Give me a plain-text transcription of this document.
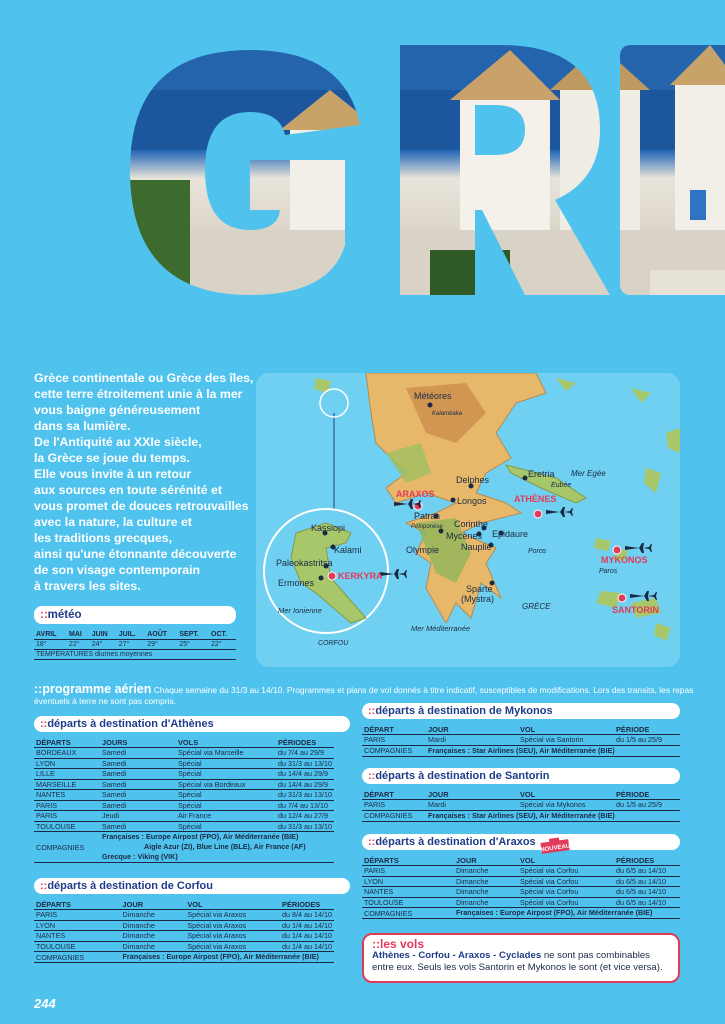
Grèce continentale ou Grèce des îles,
cette terre étroitement unie à la mer
vous baigne généreusement
dans sa lumière.
De l'Antiquité au XXIe siècle,
la Grèce se joue du temps.
Elle vous invite à un retour
aux sources en toute sérénité et
vous promet de douces retrouvailles
avec la nature, la culture et
les traditions grecques,
ainsi qu'une étonnante découverte
de son visage contemporain
à travers les sites.
Météores
Kalambaka
Delphes
Longos
Eretria
Eubée
Mer Egée
ARAXOS	ATHÈNES
Patras
Péloponèse Corinthe
Mycènes Epidaure
Nauplie
Olympie	Poros
MYKONOS
Paros
Sparte
(Mystra)
GRÈCE	SANTORIN
Mer Méditerranée
Kassiopi
Kalami
Paleokastritsa
Ermones
KERKYRA
Mer Ionienne
CORFOU
::météo
AVRIL	MAI	JUIN	JUIL.	AOÛT	SEPT.	OCT.
18°	22°	24°	27°	29°	25°	22°
TEMPÉRATURES diurnes moyennes						
::programme aérien Chaque semaine du 31/3 au 14/10. Programmes et plans de vol donnés à titre indicatif, susceptibles de modifications. Lors des transits, les repas éventuels à terre ne sont pas compris.
::départs à destination d'Athènes
DÉPARTS	JOURS	VOLS	PÉRIODES
BORDEAUX	Samedi	Spécial via Marseille	du 7/4 au 29/9
LYON	Samedi	Spécial	du 31/3 au 13/10
LILLE	Samedi	Spécial	du 14/4 au 29/9
MARSEILLE	Samedi	Spécial via Bordeaux	du 14/4 au 29/9
NANTES	Samedi	Spécial	du 31/3 au 13/10
PARIS	Samedi	Spécial	du 7/4 au 13/10
PARIS	Jeudi	Air France	du 12/4 au 27/9
TOULOUSE	Samedi	Spécial	du 31/3 au 13/10
COMPAGNIES	Françaises : Europe Airpost (FPO), Air Méditerranée (BIE)
Aigle Azur (ZI), Blue Line (BLE), Air France (AF)
Grecque : Viking (VIK)		
::départs à destination de Corfou
DÉPARTS	JOUR	VOL	PÉRIODES
PARIS	Dimanche	Spécial via Araxos	du 8/4 au 14/10
LYON	Dimanche	Spécial via Araxos	du 1/4 au 14/10
NANTES	Dimanche	Spécial via Araxos	du 1/4 au 14/10
TOULOUSE	Dimanche	Spécial via Araxos	du 1/4 au 14/10
COMPAGNIES	Françaises : Europe Airpost (FPO), Air Méditerranée (BIE)		
::départs à destination de Mykonos
DÉPART	JOUR	VOL	PÉRIODE
PARIS	Mardi	Spécial via Santorin	du 1/5 au 25/9
COMPAGNIES	Françaises : Star Airlines (SEU), Air Méditerranée (BIE)		
::départs à destination de Santorin
DÉPART	JOUR	VOL	PÉRIODE
PARIS	Mardi	Spécial via Mykonos	du 1/5 au 25/9
COMPAGNIES	Françaises : Star Airlines (SEU), Air Méditerranée (BIE)		
::départs à destination d'Araxos
DÉPARTS	JOUR	VOL	PÉRIODES
PARIS	Dimanche	Spécial via Corfou	du 6/5 au 14/10
LYON	Dimanche	Spécial via Corfou	du 6/5 au 14/10
NANTES	Dimanche	Spécial via Corfou	du 6/5 au 14/10
TOULOUSE	Dimanche	Spécial via Corfou	du 6/5 au 14/10
COMPAGNIES	Françaises : Europe Airpost (FPO), Air Méditerranée (BIE)		
NOUVEAU
::les vols
Athènes - Corfou - Araxos - Cyclades ne sont pas combinables entre eux. Seuls les vols Santorin et Mykonos le sont (et vice versa).
244
